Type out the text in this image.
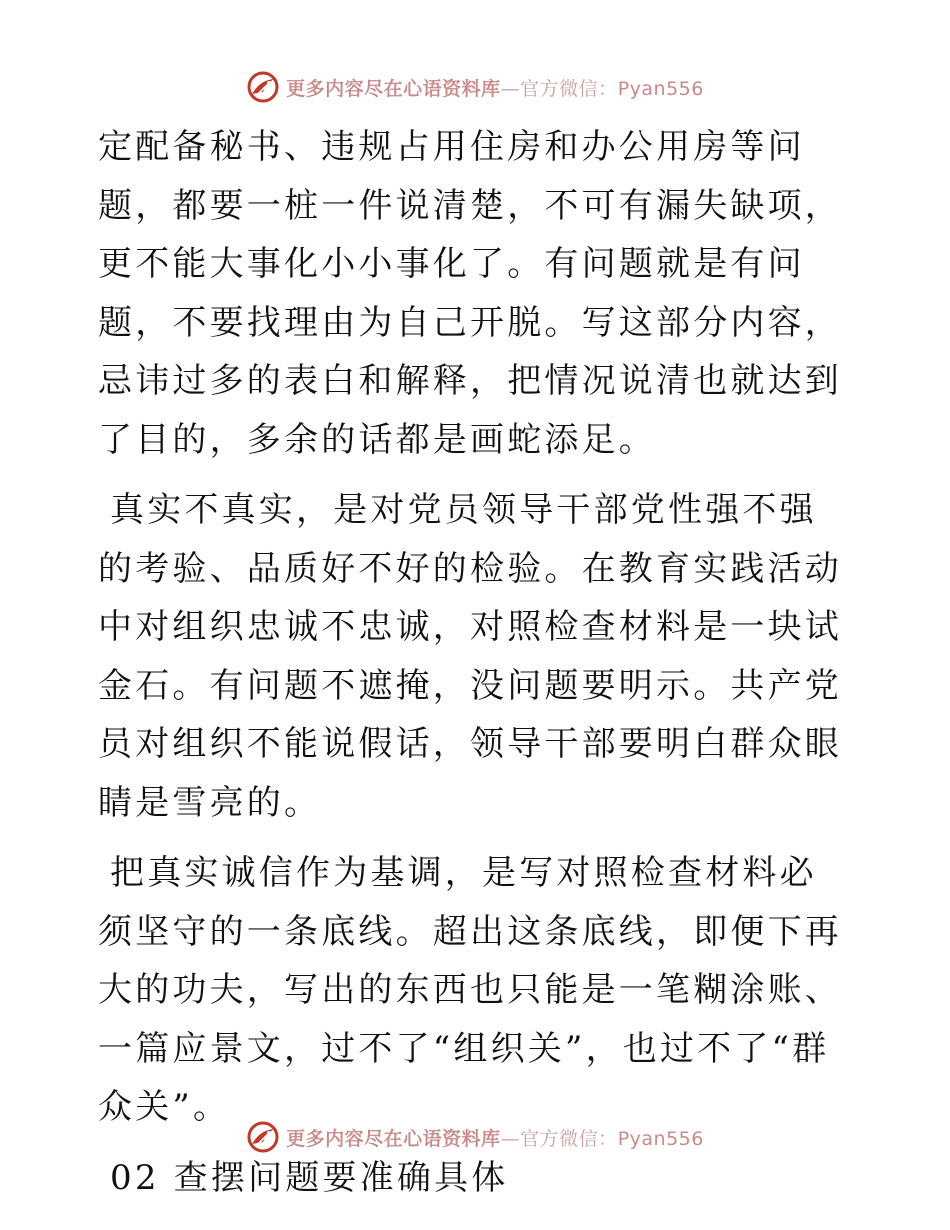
更多内容尽在心语资料库—官方微信：Pyan556

定配备秘书、违规占用住房和办公用房等问题，都要一桩一件说清楚，不可有漏失缺项，更不能大事化小小事化了。有问题就是有问题，不要找理由为自己开脱。写这部分内容，忌讳过多的表白和解释，把情况说清也就达到了目的，多余的话都是画蛇添足。

真实不真实，是对党员领导干部党性强不强的考验、品质好不好的检验。在教育实践活动中对组织忠诚不忠诚，对照检查材料是一块试金石。有问题不遮掩，没问题要明示。共产党员对组织不能说假话，领导干部要明白群众眼睛是雪亮的。

把真实诚信作为基调，是写对照检查材料必须坚守的一条底线。超出这条底线，即便下再大的功夫，写出的东西也只能是一笔糊涂账、一篇应景文，过不了“组织关”，也过不了“群众关”。

02 查摆问题要准确具体

更多内容尽在心语资料库—官方微信：Pyan556
